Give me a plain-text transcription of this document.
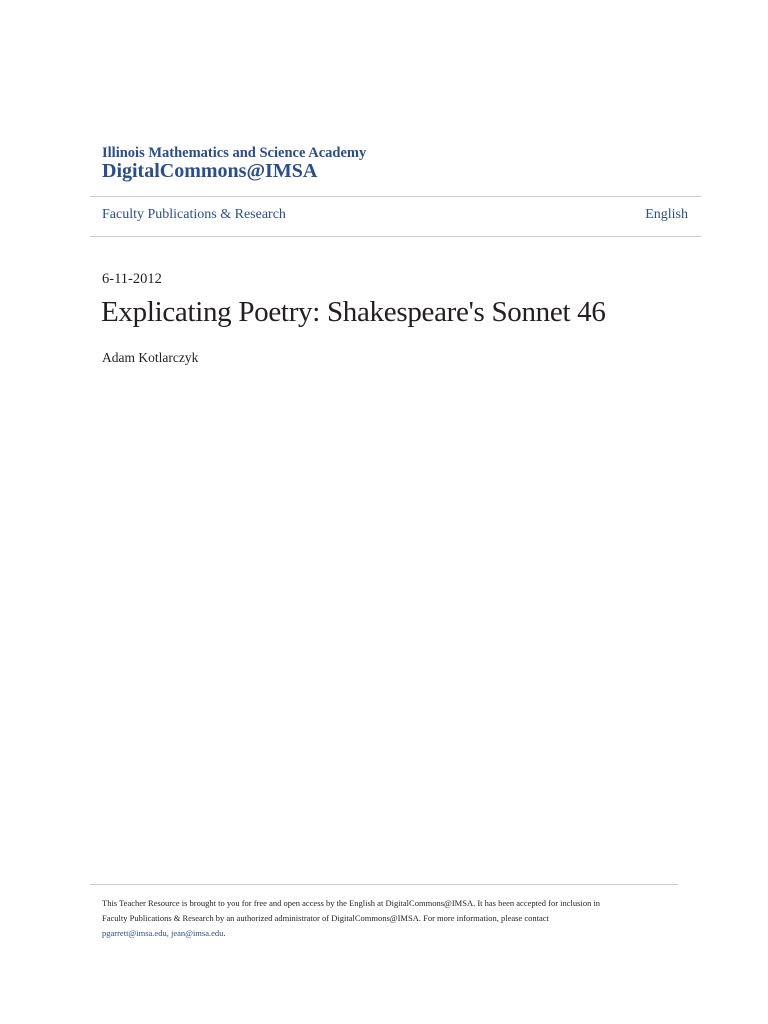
Illinois Mathematics and Science Academy
DigitalCommons@IMSA
Faculty Publications & Research	English
6-11-2012
Explicating Poetry: Shakespeare's Sonnet 46
Adam Kotlarczyk
This Teacher Resource is brought to you for free and open access by the English at DigitalCommons@IMSA. It has been accepted for inclusion in
Faculty Publications & Research by an authorized administrator of DigitalCommons@IMSA. For more information, please contact
pgarrett@imsa.edu, jean@imsa.edu.
